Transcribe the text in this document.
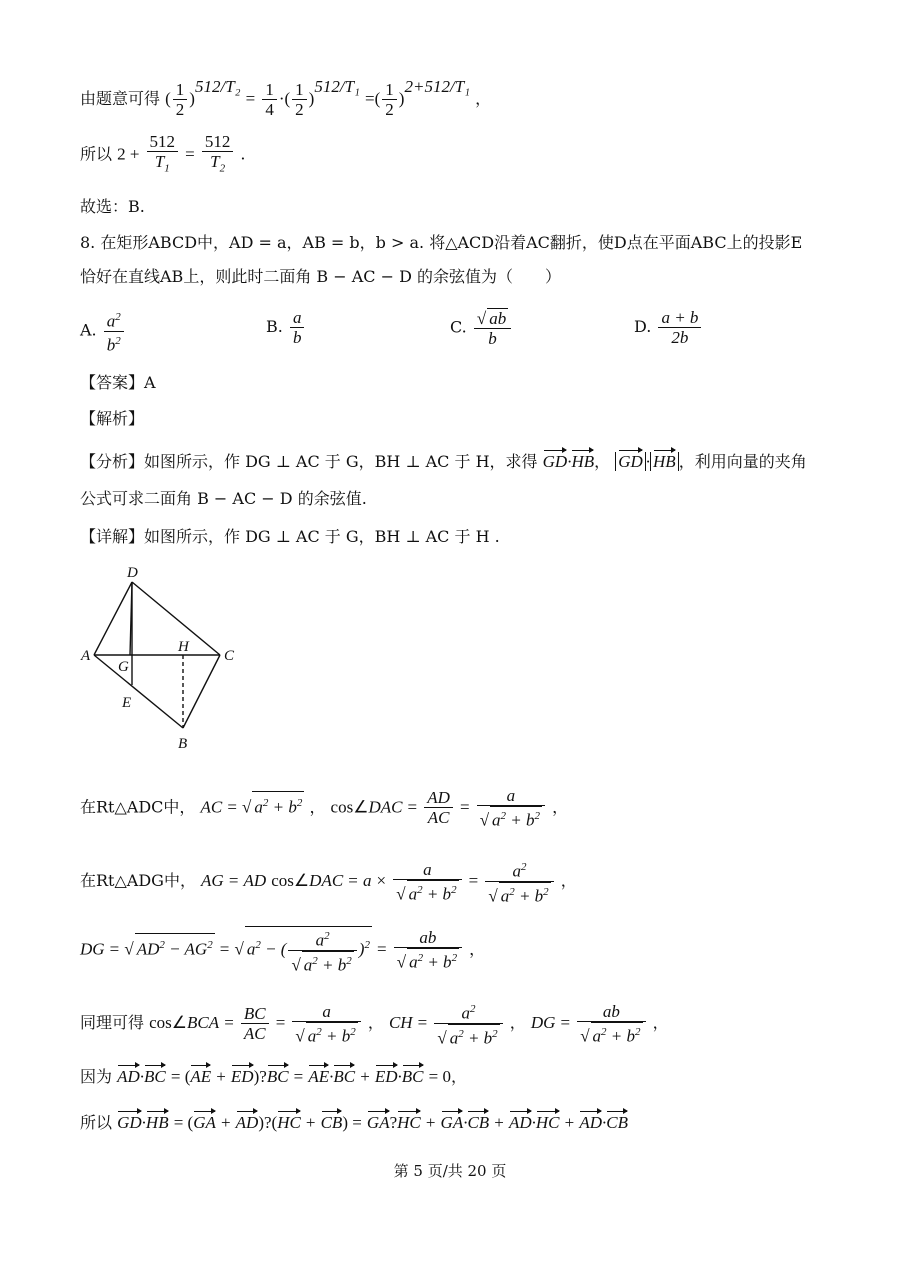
由题意可得 ( $\frac{1}{2} )^{512/T_2} = \frac{1}{4}$ ·( $\frac{1}{2} )^{512/T_1}$ =( $\frac{1}{2} )^{2+512/T_1}$ ，
所以 $2 + \frac{512}{T_1} = \frac{512}{T_2}$ .
故选：B.
8. 在矩形ABCD中，AD = a，AB = b，b > a. 将△ACD沿着AC翻折，使D点在平面ABC上的投影E
恰好在直线AB上，则此时二面角 B − AC − D 的余弦值为（　　）
A. $\frac{a^2}{b^2}$	B. $\frac{a}{b}$	C. $\frac{√ ab}{b}$	D. $\frac{a + b}{2b}$
【答案】A
【解析】
【分析】如图所示，作 DG ⊥ AC 于 G，BH ⊥ AC 于 H，求得 GD·HB， GD · HB ，利用向量的夹角
公式可求二面角 B − AC − D 的余弦值.
【详解】如图所示，作 DG ⊥ AC 于 G，BH ⊥ AC 于 H .
D
A
G
H
C
E
B
在Rt△ADC中， AC = √ $a^2 + b^2$ ， cos∠DAC = $\frac{AD}{AC} = \frac{a}{√ a^2 + b^2}$ ，
在Rt△ADG中， AG = AD cos∠DAC = $a \times \frac{a}{√ a^2 + b^2} = \frac{a^2}{√ a^2 + b^2}$ ，
DG = √ $AD^2 - AG^2$ = √ $a^2$ − ( $\frac{a^2}{√ a^2 + b^2} )^2 = \frac{ab}{√ a^2 + b^2}$ ，
同理可得 cos∠BCA = $\frac{BC}{AC} = \frac{a}{√ a^2 + b^2}$ ， CH = $\frac{a^2}{√ a^2 + b^2}$ ， DG = $\frac{ab}{√ a^2 + b^2}$ ，
因为 AD·BC = (AE + ED)?BC = AE·BC + ED·BC = 0，
所以 GD·HB = (GA + AD)?(HC + CB) = GA?HC + GA·CB + AD·HC + AD·CB
第 5 页/共 20 页
